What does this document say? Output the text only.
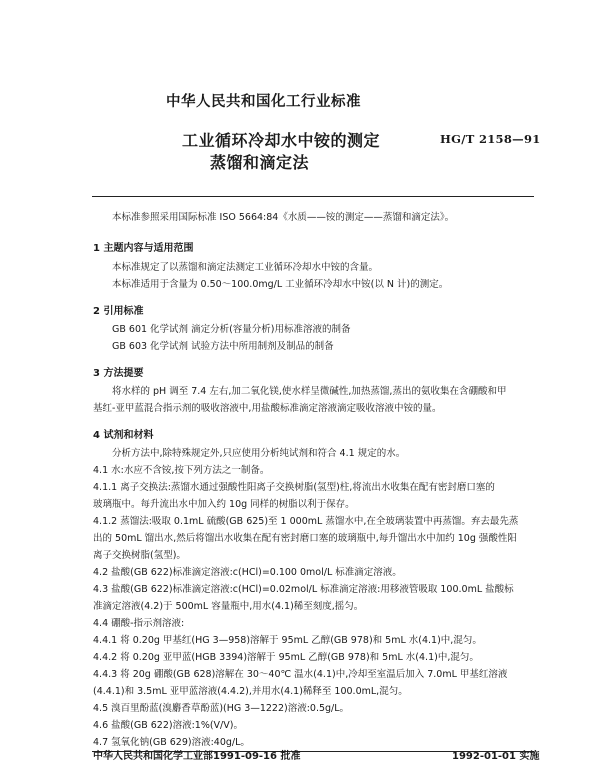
中华人民共和国化工行业标准
工业循环冷却水中铵的测定
蒸馏和滴定法
HG/T 2158—91
本标准参照采用国际标准 ISO 5664:84《水质——铵的测定——蒸馏和滴定法》。
1 主题内容与适用范围
本标准规定了以蒸馏和滴定法测定工业循环冷却水中铵的含量。
本标准适用于含量为 0.50～100.0mg/L 工业循环冷却水中铵(以 N 计)的测定。
2 引用标准
GB 601 化学试剂 滴定分析(容量分析)用标准溶液的制备
GB 603 化学试剂 试验方法中所用制剂及制品的制备
3 方法提要
将水样的 pH 调至 7.4 左右,加二氧化镁,使水样呈微碱性,加热蒸馏,蒸出的氨收集在含硼酸和甲
基红-亚甲蓝混合指示剂的吸收溶液中,用盐酸标准滴定溶液滴定吸收溶液中铵的量。
4 试剂和材料
分析方法中,除特殊规定外,只应使用分析纯试剂和符合 4.1 规定的水。
4.1 水:水应不含铵,按下列方法之一制备。
4.1.1 离子交换法:蒸馏水通过强酸性阳离子交换树脂(氢型)柱,将流出水收集在配有密封磨口塞的
玻璃瓶中。每升流出水中加入约 10g 同样的树脂以利于保存。
4.1.2 蒸馏法:吸取 0.1mL 硫酸(GB 625)至 1 000mL 蒸馏水中,在全玻璃装置中再蒸馏。弃去最先蒸
出的 50mL 馏出水,然后将馏出水收集在配有密封磨口塞的玻璃瓶中,每升馏出水中加约 10g 强酸性阳
离子交换树脂(氢型)。
4.2 盐酸(GB 622)标准滴定溶液:c(HCl)=0.100 0mol/L 标准滴定溶液。
4.3 盐酸(GB 622)标准滴定溶液:c(HCl)=0.02mol/L 标准滴定溶液:用移液管吸取 100.0mL 盐酸标
准滴定溶液(4.2)于 500mL 容量瓶中,用水(4.1)稀至刻度,摇匀。
4.4 硼酸-指示剂溶液:
4.4.1 将 0.20g 甲基红(HG 3—958)溶解于 95mL 乙醇(GB 978)和 5mL 水(4.1)中,混匀。
4.4.2 将 0.20g 亚甲蓝(HGB 3394)溶解于 95mL 乙醇(GB 978)和 5mL 水(4.1)中,混匀。
4.4.3 将 20g 硼酸(GB 628)溶解在 30～40℃ 温水(4.1)中,冷却至室温后加入 7.0mL 甲基红溶液
(4.4.1)和 3.5mL 亚甲蓝溶液(4.4.2),并用水(4.1)稀释至 100.0mL,混匀。
4.5 溴百里酚蓝(溴麝香草酚蓝)(HG 3—1222)溶液:0.5g/L。
4.6 盐酸(GB 622)溶液:1%(V/V)。
4.7 氢氧化钠(GB 629)溶液:40g/L。
中华人民共和国化学工业部1991-09-16 批准	1992-01-01 实施
